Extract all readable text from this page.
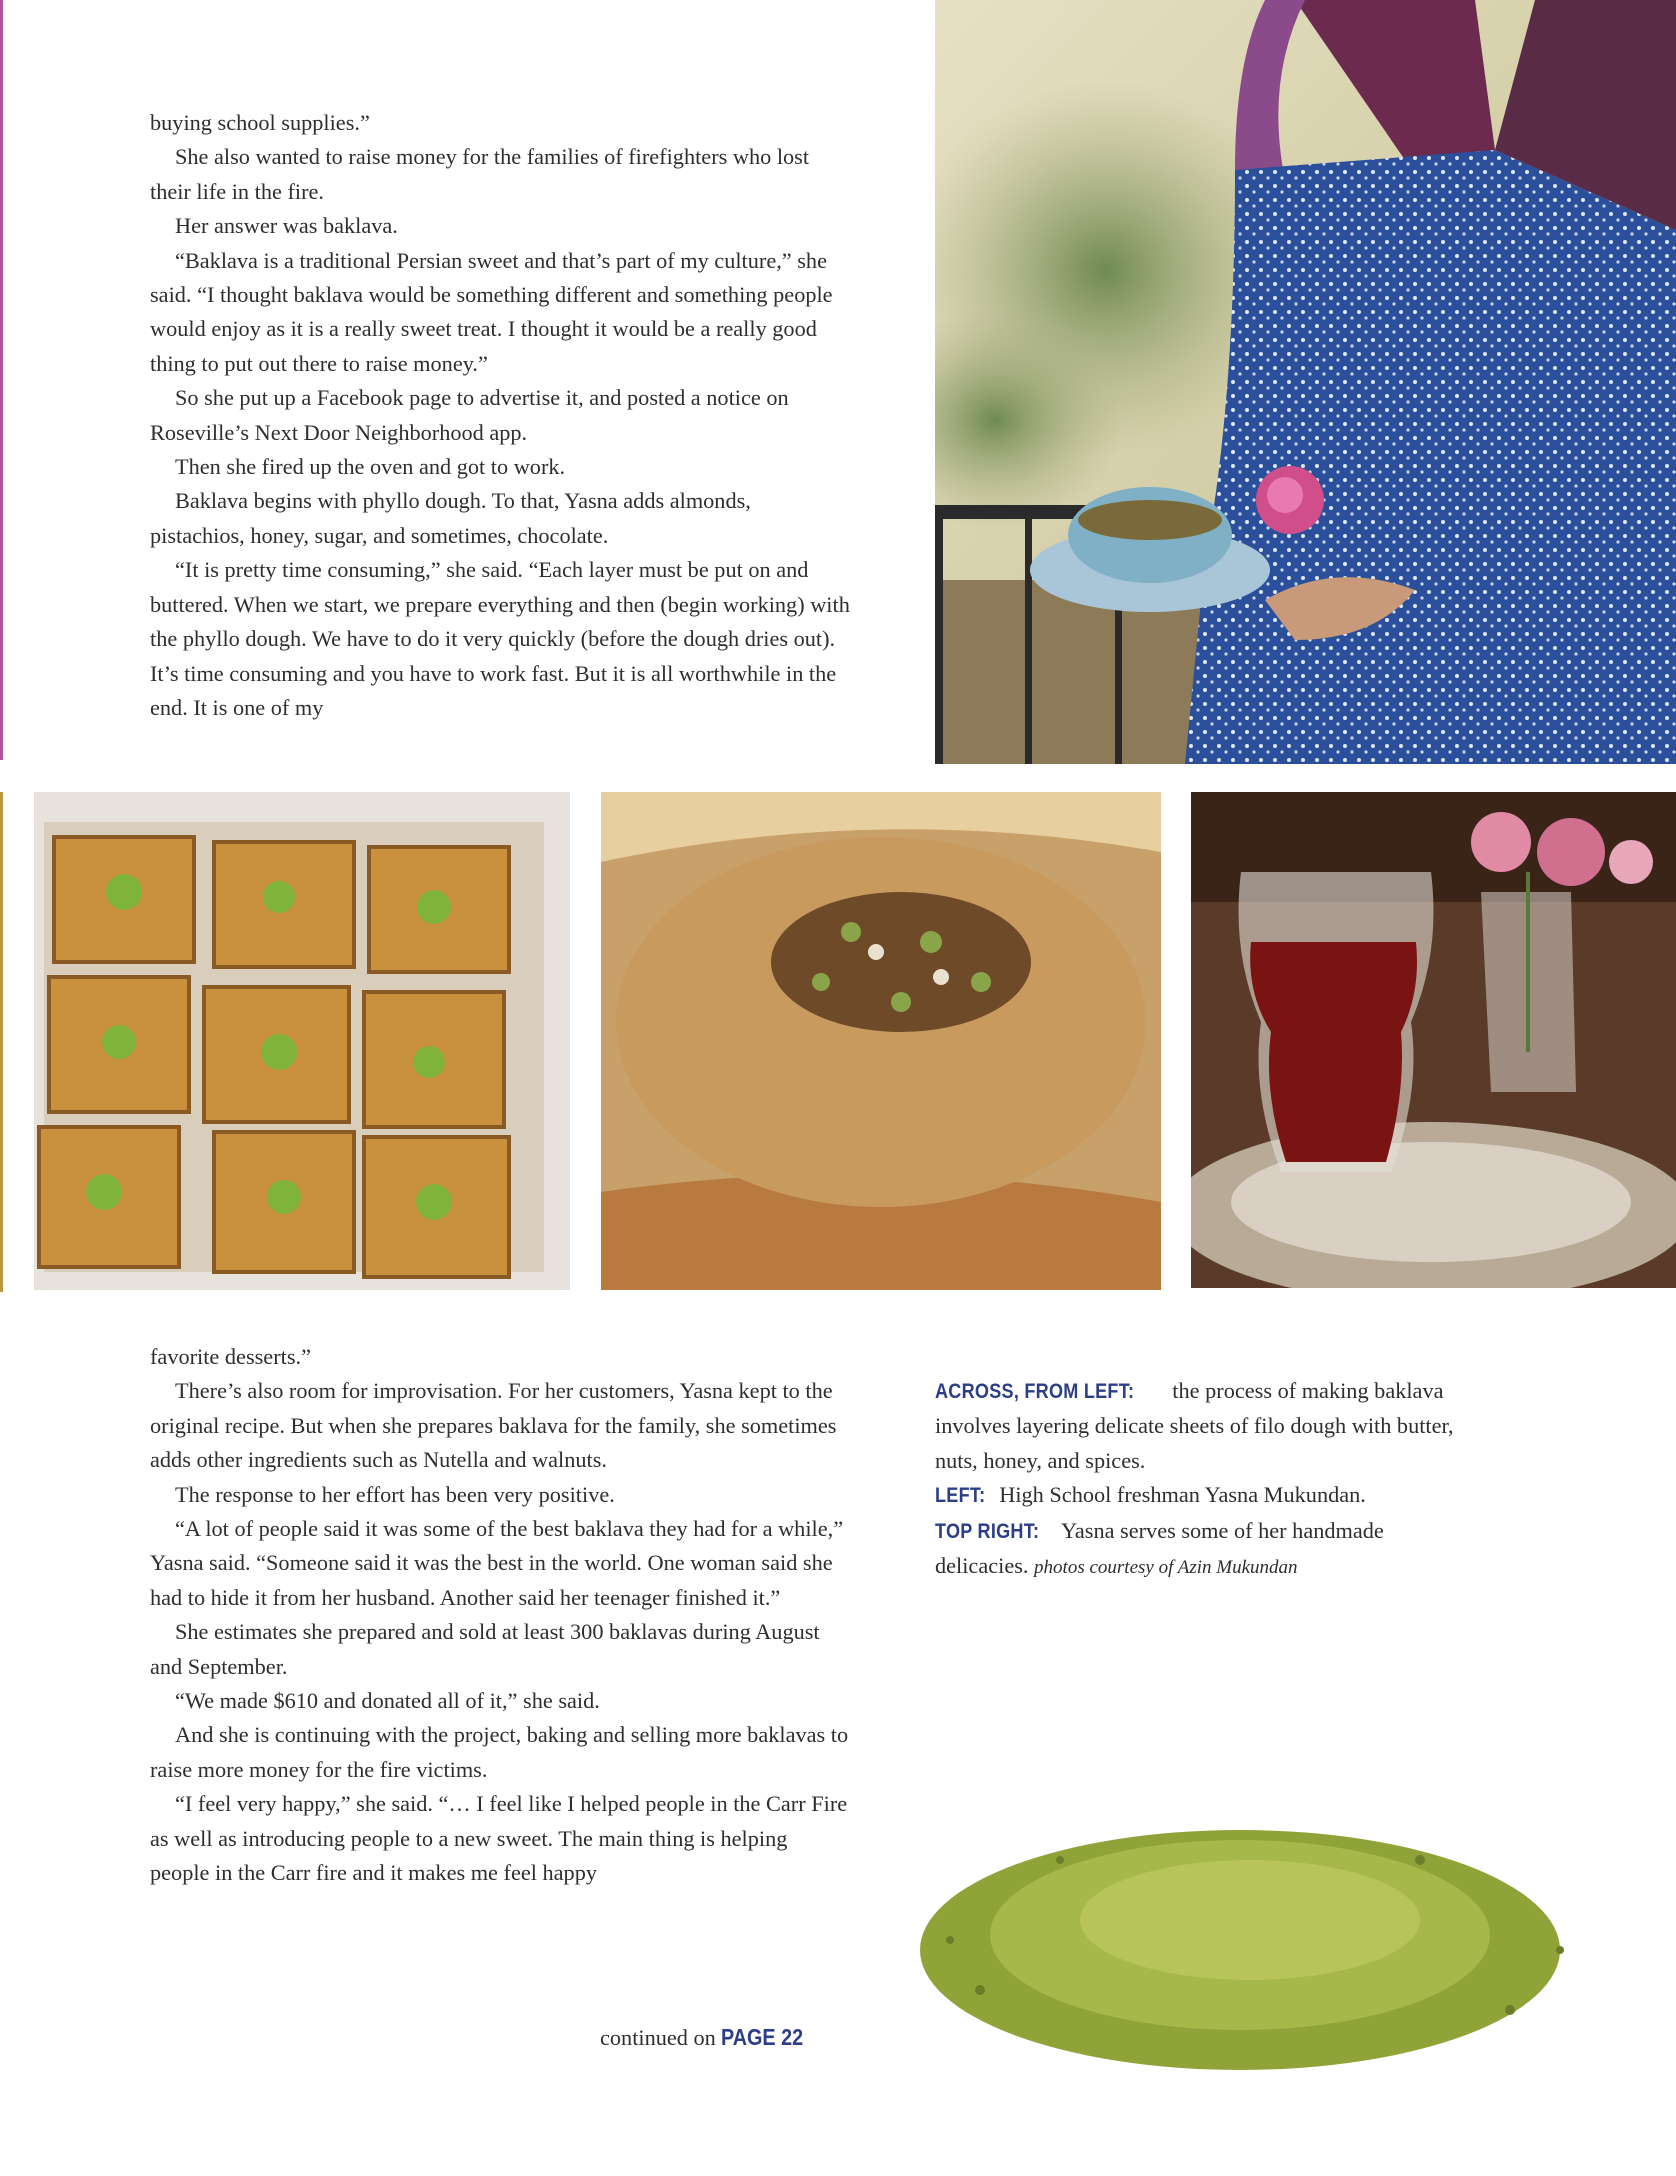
buying school supplies.”

She also wanted to raise money for the families of firefighters who lost their life in the fire.

Her answer was baklava.

“Baklava is a traditional Persian sweet and that’s part of my culture,” she said. “I thought baklava would be something different and something people would enjoy as it is a really sweet treat. I thought it would be a really good thing to put out there to raise money.”

So she put up a Facebook page to advertise it, and posted a notice on Roseville’s Next Door Neighborhood app.

Then she fired up the oven and got to work.

Baklava begins with phyllo dough. To that, Yasna adds almonds, pistachios, honey, sugar, and sometimes, chocolate.

“It is pretty time consuming,” she said. “Each layer must be put on and buttered. When we start, we prepare everything and then (begin working) with the phyllo dough. We have to do it very quickly (before the dough dries out). It’s time consuming and you have to work fast. But it is all worthwhile in the end. It is one of my

favorite desserts.”

There’s also room for improvisation. For her customers, Yasna kept to the original recipe. But when she prepares baklava for the family, she sometimes adds other ingredients such as Nutella and walnuts.

The response to her effort has been very positive.

“A lot of people said it was some of the best baklava they had for a while,” Yasna said. “Someone said it was the best in the world. One woman said she had to hide it from her husband. Another said her teenager finished it.”

She estimates she prepared and sold at least 300 baklavas during August and September.

“We made $610 and donated all of it,” she said.

And she is continuing with the project, baking and selling more baklavas to raise more money for the fire victims.

“I feel very happy,” she said. “… I feel like I helped people in the Carr Fire as well as introducing people to a new sweet. The main thing is helping people in the Carr fire and it makes me feel happy

ACROSS, FROM LEFT: the process of making baklava involves layering delicate sheets of filo dough with butter, nuts, honey, and spices.

LEFT: High School freshman Yasna Mukundan.

TOP RIGHT: Yasna serves some of her handmade delicacies. photos courtesy of Azin Mukundan

continued on PAGE 22
